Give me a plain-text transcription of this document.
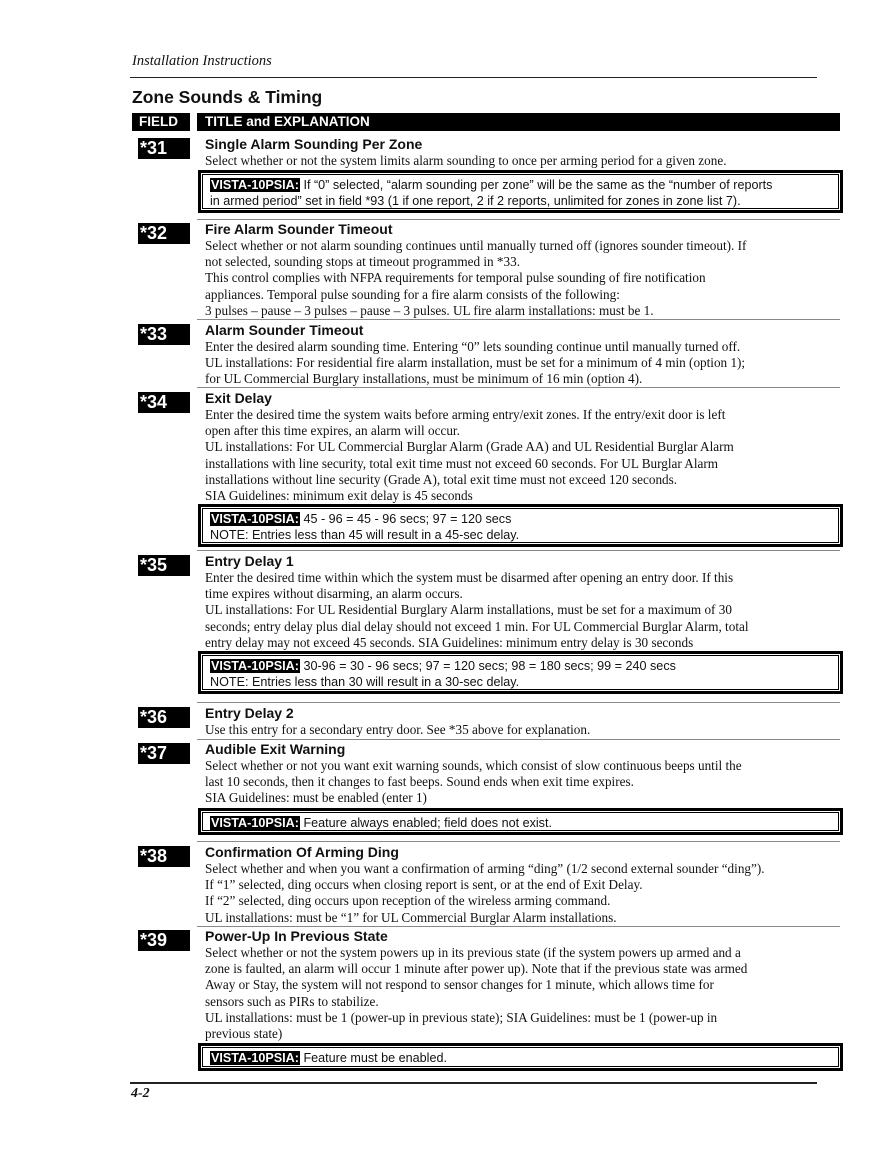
Installation Instructions
Zone Sounds & Timing
FIELD	TITLE and EXPLANATION
*31	Single Alarm Sounding Per Zone

Select whether or not the system limits alarm sounding to once per arming period for a given zone.

VISTA-10PSIA: If “0” selected, “alarm sounding per zone” will be the same as the “number of reports
in armed period” set in field *93 (1 if one report, 2 if 2 reports, unlimited for zones in zone list 7).
*32	Fire Alarm Sounder Timeout

Select whether or not alarm sounding continues until manually turned off (ignores sounder timeout). If
not selected, sounding stops at timeout programmed in *33.
This control complies with NFPA requirements for temporal pulse sounding of fire notification
appliances. Temporal pulse sounding for a fire alarm consists of the following:
3 pulses – pause – 3 pulses – pause – 3 pulses. UL fire alarm installations: must be 1.

*33	Alarm Sounder Timeout

Enter the desired alarm sounding time. Entering “0” lets sounding continue until manually turned off.
UL installations: For residential fire alarm installation, must be set for a minimum of 4 min (option 1);
for UL Commercial Burglary installations, must be minimum of 16 min (option 4).

*34	Exit Delay

Enter the desired time the system waits before arming entry/exit zones. If the entry/exit door is left
open after this time expires, an alarm will occur.
UL installations: For UL Commercial Burglar Alarm (Grade AA) and UL Residential Burglar Alarm
installations with line security, total exit time must not exceed 60 seconds. For UL Burglar Alarm
installations without line security (Grade A), total exit time must not exceed 120 seconds.
SIA Guidelines: minimum exit delay is 45 seconds

VISTA-10PSIA: 45 - 96 = 45 - 96 secs; 97 = 120 secs
NOTE: Entries less than 45 will result in a 45-sec delay.
*35	Entry Delay 1

Enter the desired time within which the system must be disarmed after opening an entry door. If this
time expires without disarming, an alarm occurs.
UL installations: For UL Residential Burglary Alarm installations, must be set for a maximum of 30
seconds; entry delay plus dial delay should not exceed 1 min. For UL Commercial Burglar Alarm, total
entry delay may not exceed 45 seconds. SIA Guidelines: minimum entry delay is 30 seconds

VISTA-10PSIA: 30-96 = 30 - 96 secs; 97 = 120 secs; 98 = 180 secs; 99 = 240 secs
NOTE: Entries less than 30 will result in a 30-sec delay.
*36	Entry Delay 2

Use this entry for a secondary entry door. See *35 above for explanation.

*37	Audible Exit Warning

Select whether or not you want exit warning sounds, which consist of slow continuous beeps until the
last 10 seconds, then it changes to fast beeps. Sound ends when exit time expires.
SIA Guidelines: must be enabled (enter 1)

VISTA-10PSIA: Feature always enabled; field does not exist.
*38	Confirmation Of Arming Ding

Select whether and when you want a confirmation of arming “ding” (1/2 second external sounder “ding”).
If “1” selected, ding occurs when closing report is sent, or at the end of Exit Delay.
If “2” selected, ding occurs upon reception of the wireless arming command.
UL installations: must be “1” for UL Commercial Burglar Alarm installations.

*39	Power-Up In Previous State

Select whether or not the system powers up in its previous state (if the system powers up armed and a
zone is faulted, an alarm will occur 1 minute after power up). Note that if the previous state was armed
Away or Stay, the system will not respond to sensor changes for 1 minute, which allows time for
sensors such as PIRs to stabilize.
UL installations: must be 1 (power-up in previous state); SIA Guidelines: must be 1 (power-up in
previous state)

VISTA-10PSIA: Feature must be enabled.
4-2
